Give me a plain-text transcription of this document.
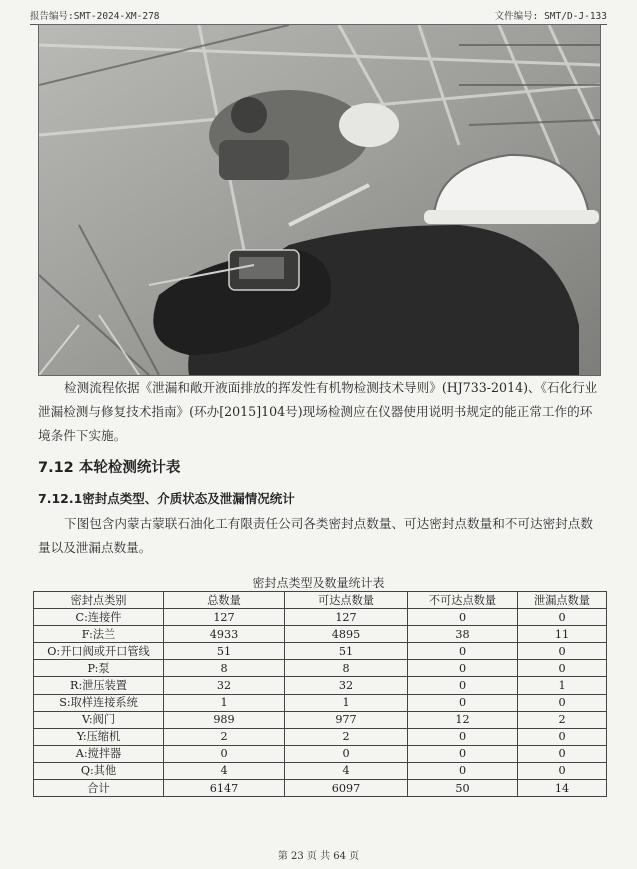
报告编号:SMT-2024-XM-278	文件编号: SMT/D-J-133
检测流程依据《泄漏和敞开液面排放的挥发性有机物检测技术导则》(HJ733-2014)、《石化行业泄漏检测与修复技术指南》(环办[2015]104号)现场检测应在仪器使用说明书规定的能正常工作的环境条件下实施。
7.12 本轮检测统计表
7.12.1密封点类型、介质状态及泄漏情况统计
下图包含内蒙古蒙联石油化工有限责任公司各类密封点数量、可达密封点数量和不可达密封点数量以及泄漏点数量。
密封点类型及数量统计表
密封点类别	总数量	可达点数量	不可达点数量	泄漏点数量
C:连接件	127	127	0	0
F:法兰	4933	4895	38	11
O:开口阀或开口管线	51	51	0	0
P:泵	8	8	0	0
R:泄压装置	32	32	0	1
S:取样连接系统	1	1	0	0
V:阀门	989	977	12	2
Y:压缩机	2	2	0	0
A:搅拌器	0	0	0	0
Q:其他	4	4	0	0
合计	6147	6097	50	14
第 23 页 共 64 页
